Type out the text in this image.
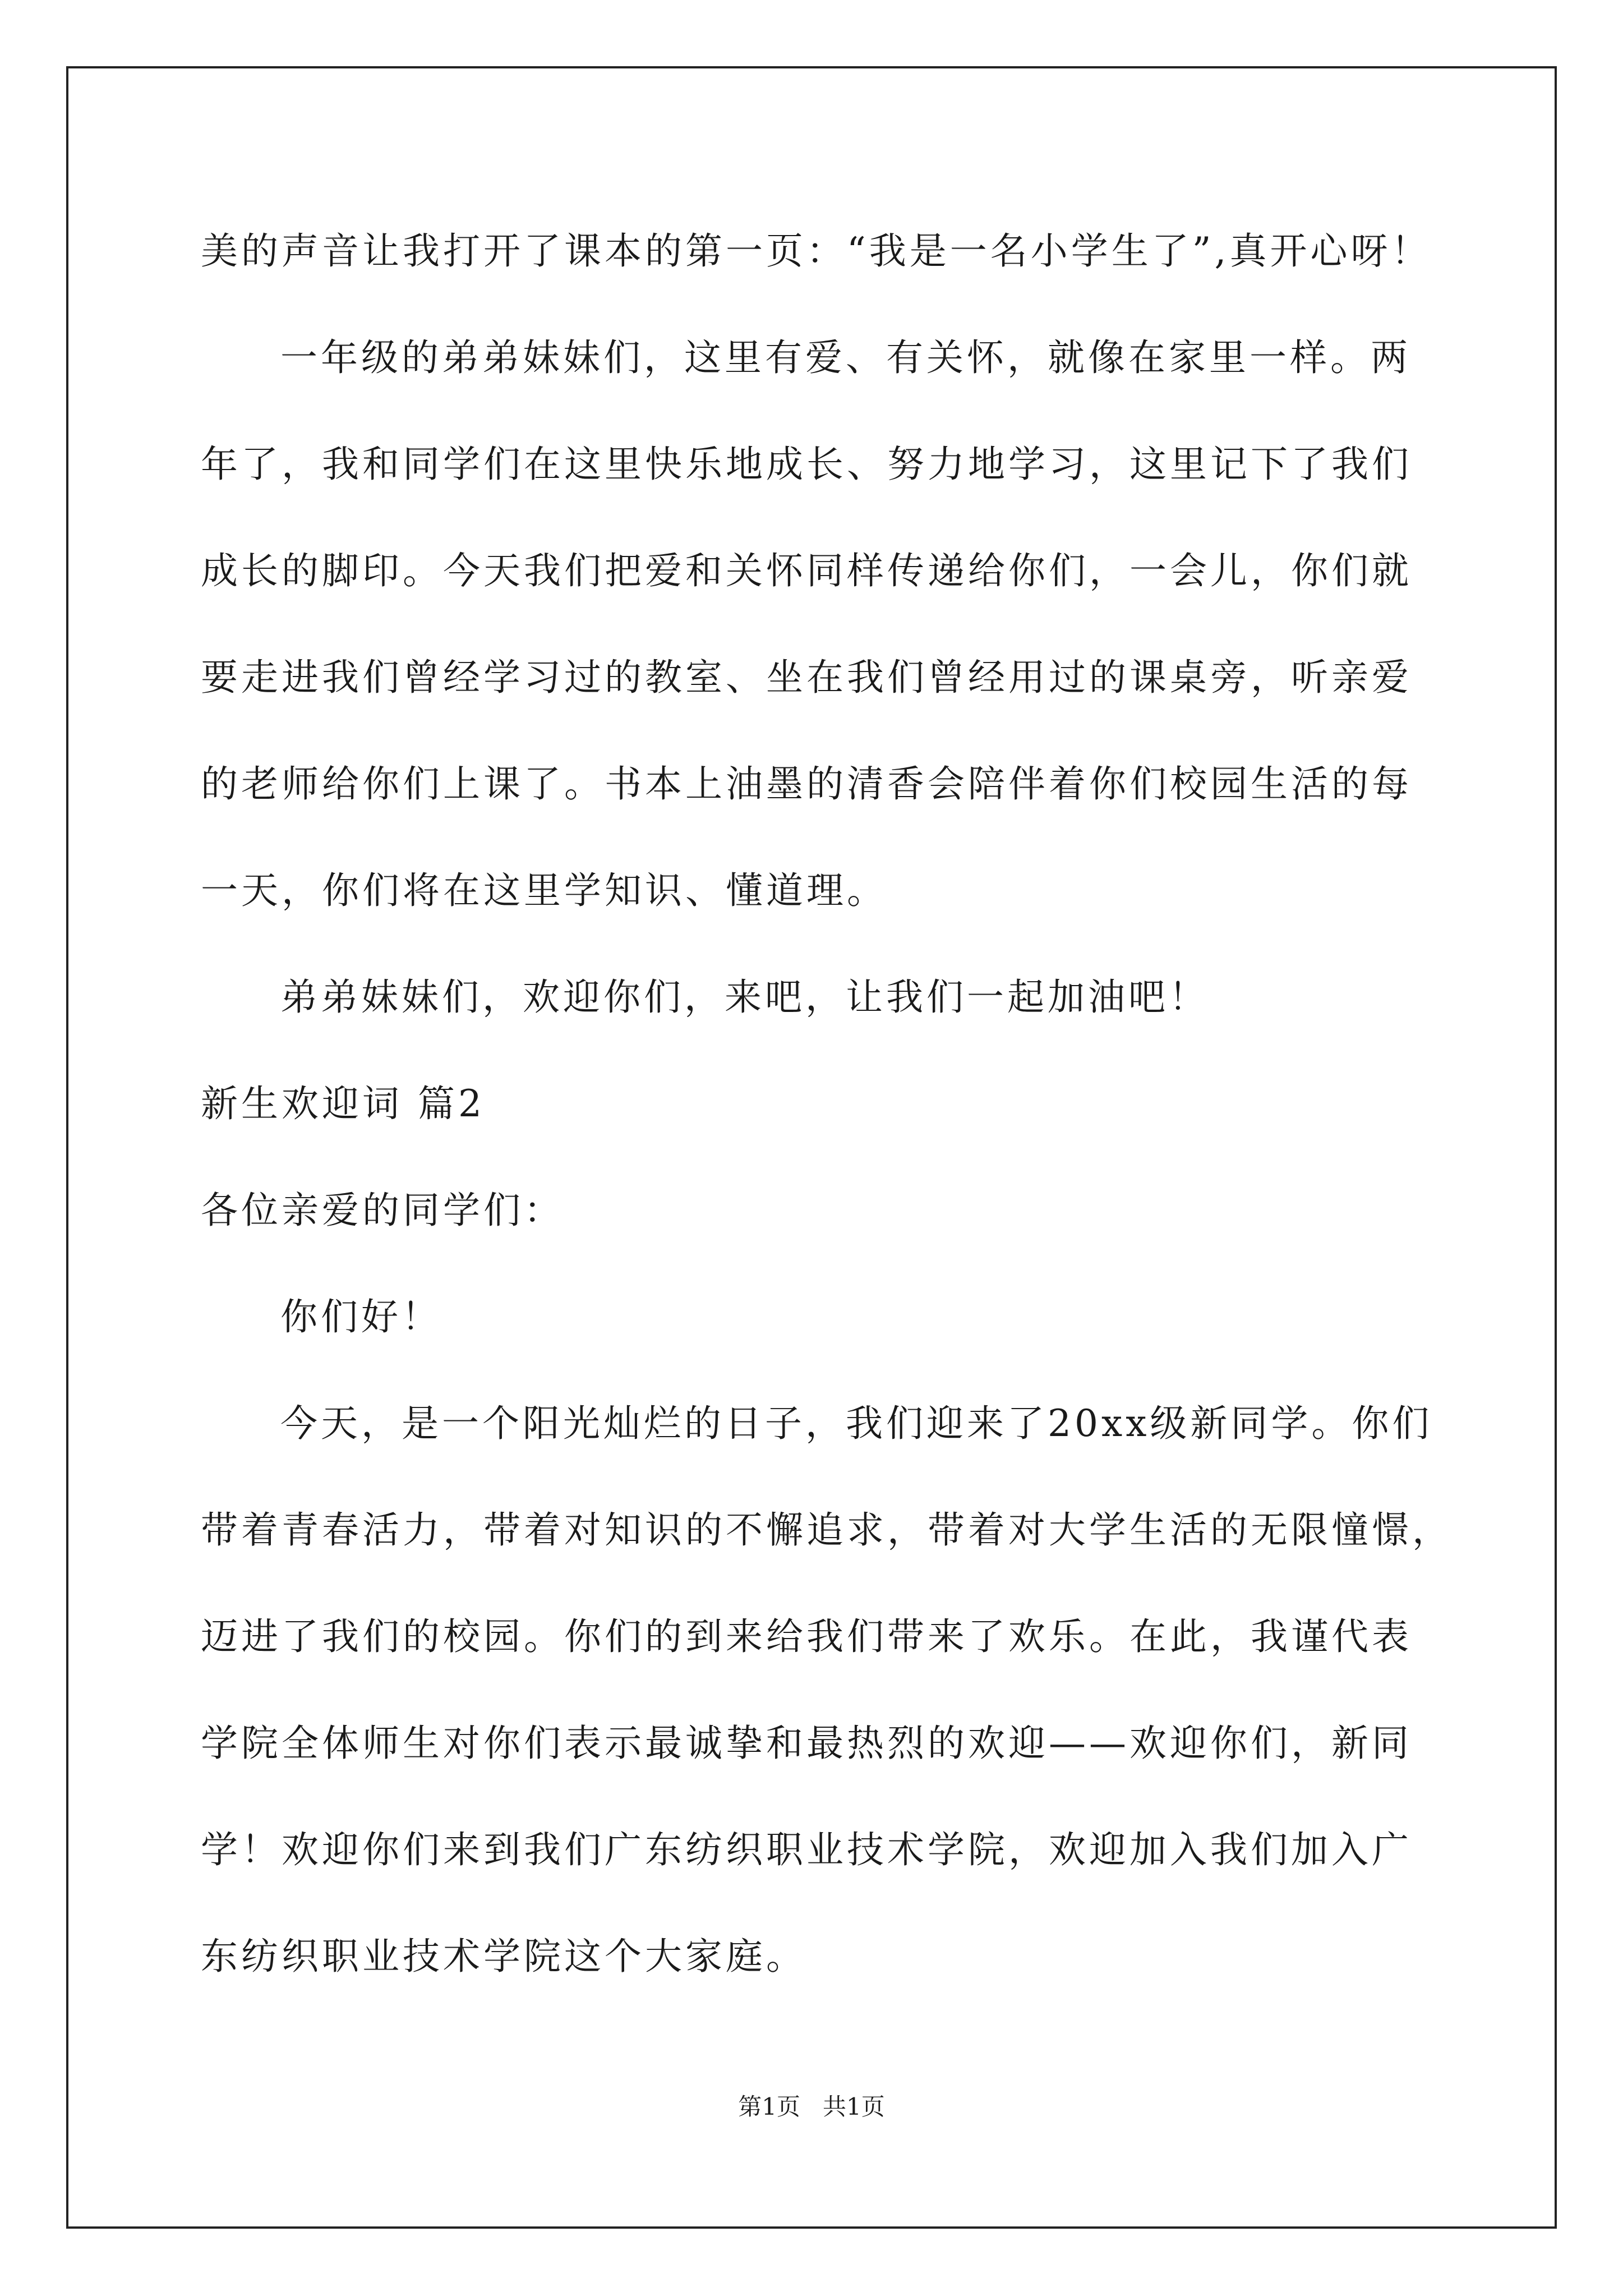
美的声音让我打开了课本的第一页：“我是一名小学生了”,真开心呀！
一年级的弟弟妹妹们，这里有爱、有关怀，就像在家里一样。两
年了，我和同学们在这里快乐地成长、努力地学习，这里记下了我们
成长的脚印。今天我们把爱和关怀同样传递给你们，一会儿，你们就
要走进我们曾经学习过的教室、坐在我们曾经用过的课桌旁，听亲爱
的老师给你们上课了。书本上油墨的清香会陪伴着你们校园生活的每
一天，你们将在这里学知识、懂道理。
弟弟妹妹们，欢迎你们，来吧，让我们一起加油吧！
新生欢迎词 篇2
各位亲爱的同学们：
你们好！
今天，是一个阳光灿烂的日子，我们迎来了20xx级新同学。你们
带着青春活力，带着对知识的不懈追求，带着对大学生活的无限憧憬，
迈进了我们的校园。你们的到来给我们带来了欢乐。在此，我谨代表
学院全体师生对你们表示最诚挚和最热烈的欢迎——欢迎你们，新同
学！欢迎你们来到我们广东纺织职业技术学院，欢迎加入我们加入广
东纺织职业技术学院这个大家庭。
第1页   共1页
